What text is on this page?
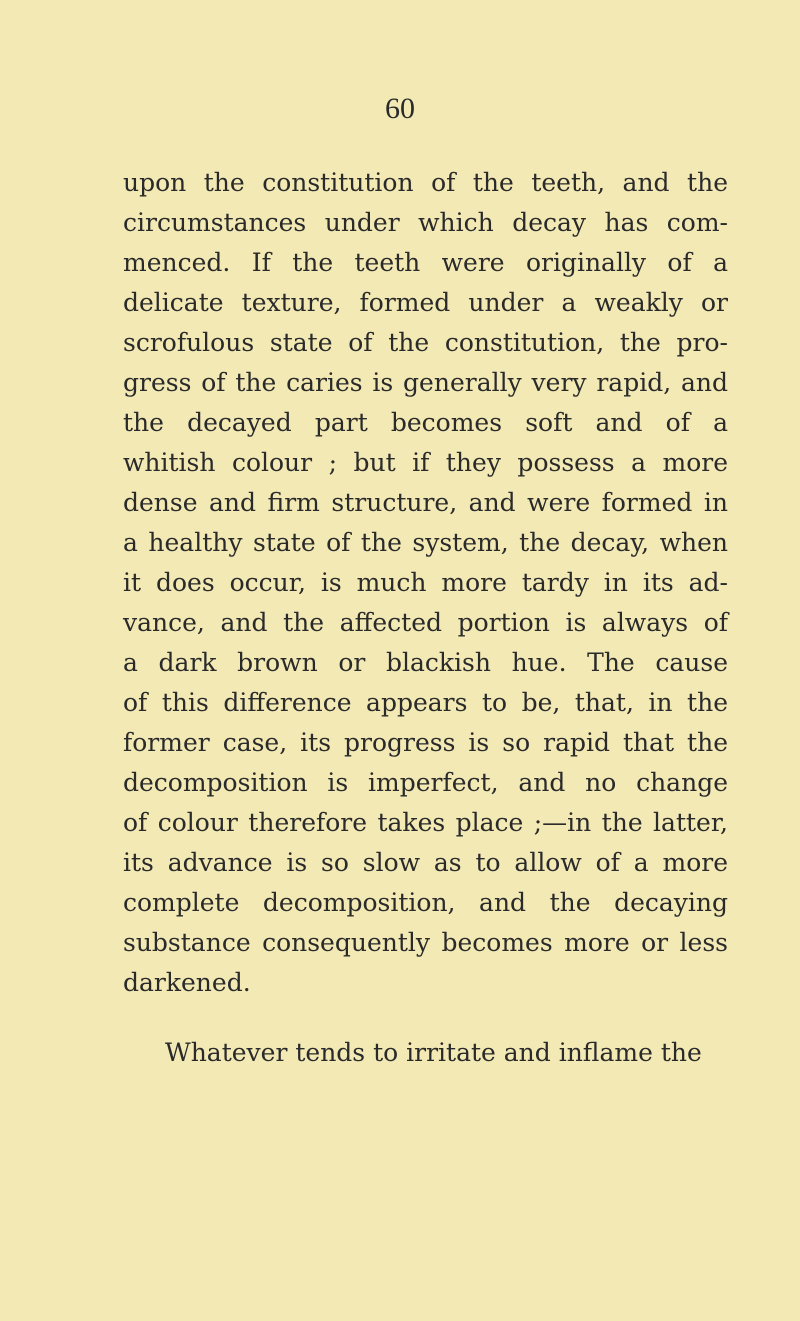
60
upon the constitution of the teeth, and the
circumstances under which decay has com-
menced. If the teeth were originally of a
delicate texture, formed under a weakly or
scrofulous state of the constitution, the pro-
gress of the caries is generally very rapid, and
the decayed part becomes soft and of a
whitish colour ; but if they possess a more
dense and firm structure, and were formed in
a healthy state of the system, the decay, when
it does occur, is much more tardy in its ad-
vance, and the affected portion is always of
a dark brown or blackish hue. The cause
of this difference appears to be, that, in the
former case, its progress is so rapid that the
decomposition is imperfect, and no change
of colour therefore takes place ;—in the latter,
its advance is so slow as to allow of a more
complete decomposition, and the decaying
substance consequently becomes more or less
darkened.
Whatever tends to irritate and inflame the
